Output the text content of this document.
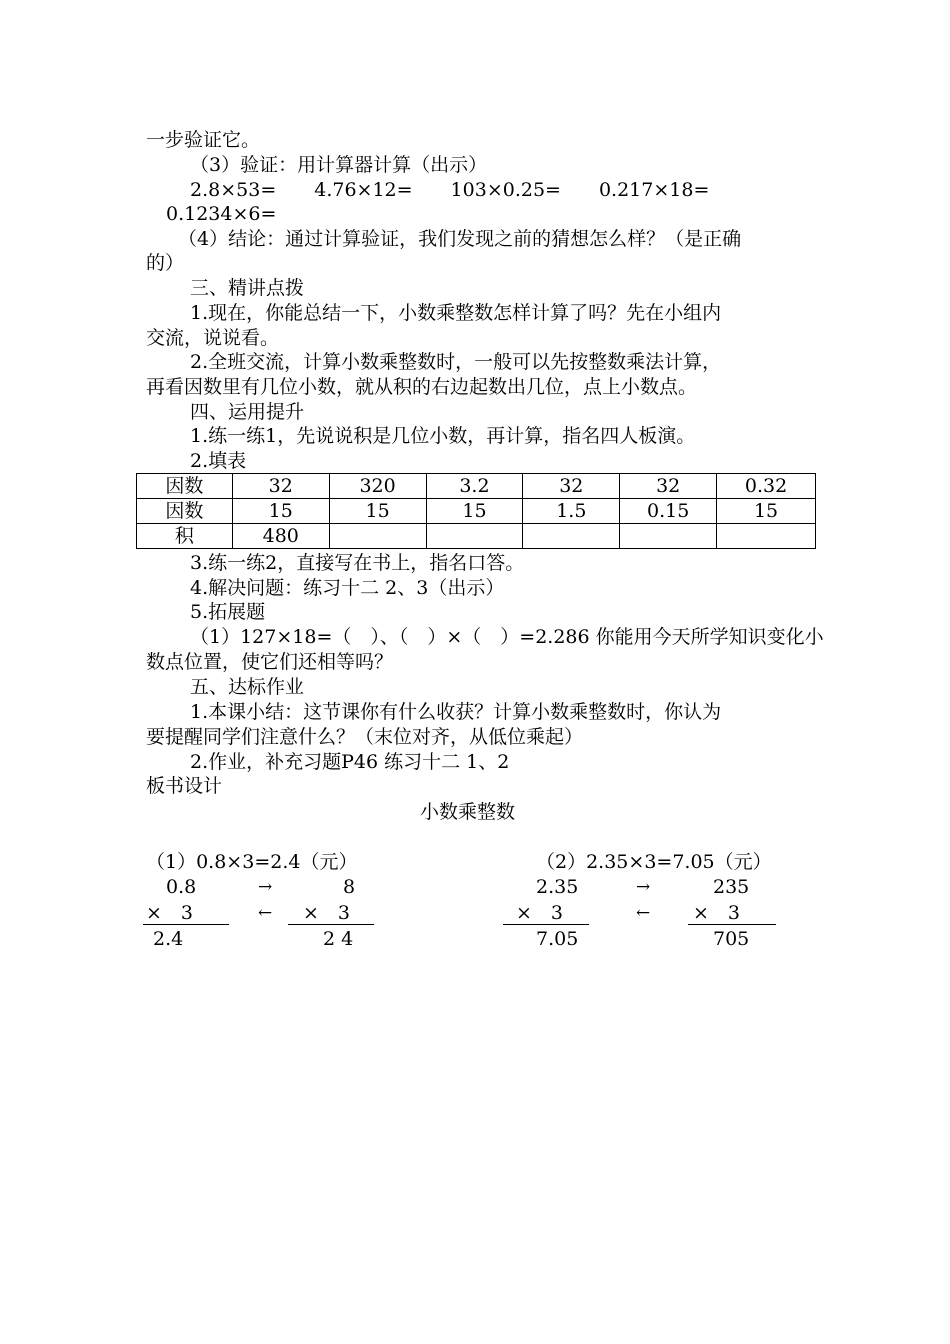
一步验证它。
（3）验证：用计算器计算（出示）
2.8×53=　　4.76×12=　　103×0.25=　　0.217×18=
0.1234×6=
（4）结论：通过计算验证，我们发现之前的猜想怎么样？（是正确
的）
三、精讲点拨
1.现在，你能总结一下，小数乘整数怎样计算了吗？先在小组内
交流，说说看。
2.全班交流，计算小数乘整数时，一般可以先按整数乘法计算，
再看因数里有几位小数，就从积的右边起数出几位，点上小数点。
四、运用提升
1.练一练1，先说说积是几位小数，再计算，指名四人板演。
2.填表
因数	32	320	3.2	32	32	0.32
因数	15	15	15	1.5	0.15	15
积	480					
3.练一练2，直接写在书上，指名口答。
4.解决问题：练习十二 2、3（出示）
5.拓展题
（1）127×18=（　）、（　）×（　）=2.286 你能用今天所学知识变化小
数点位置，使它们还相等吗？
五、达标作业
1.本课小结：这节课你有什么收获？计算小数乘整数时，你认为
要提醒同学们注意什么？（末位对齐，从低位乘起）
2.作业，补充习题P46 练习十二 1、2
板书设计
小数乘整数
（1）0.8×3=2.4（元）
0.8	→	8
×　3	← ×　3
2.4	2 4
（2）2.35×3=7.05（元）
2.35	→	235
×　3	← ×　3
7.05	705
